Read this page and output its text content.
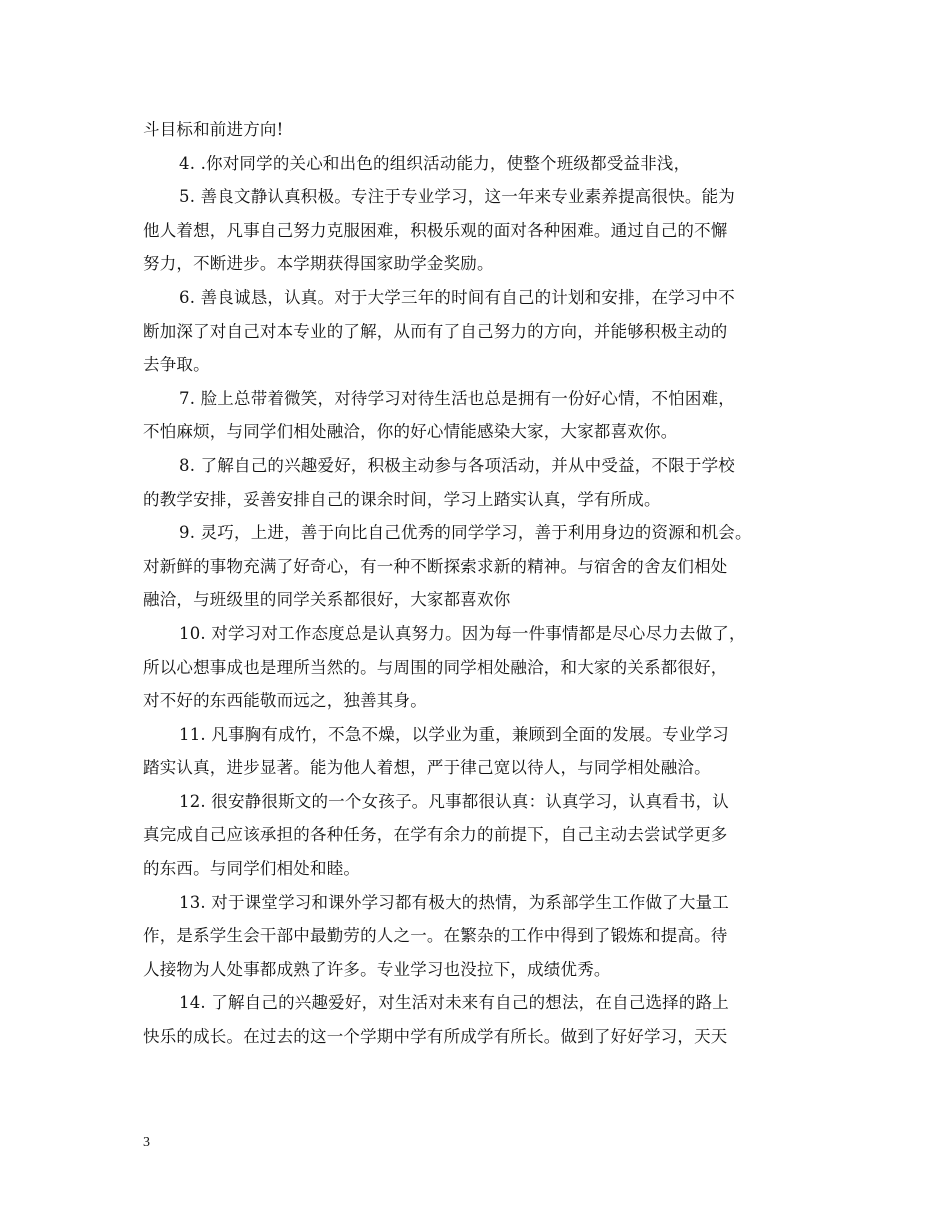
斗目标和前进方向!
4. .你对同学的关心和出色的组织活动能力，使整个班级都受益非浅，
5. 善良文静认真积极。专注于专业学习，这一年来专业素养提高很快。能为
他人着想，凡事自己努力克服困难，积极乐观的面对各种困难。通过自己的不懈
努力，不断进步。本学期获得国家助学金奖励。
6. 善良诚恳，认真。对于大学三年的时间有自己的计划和安排，在学习中不
断加深了对自己对本专业的了解，从而有了自己努力的方向，并能够积极主动的
去争取。
7. 脸上总带着微笑，对待学习对待生活也总是拥有一份好心情，不怕困难，
不怕麻烦，与同学们相处融洽，你的好心情能感染大家，大家都喜欢你。
8. 了解自己的兴趣爱好，积极主动参与各项活动，并从中受益，不限于学校
的教学安排，妥善安排自己的课余时间，学习上踏实认真，学有所成。
9. 灵巧，上进，善于向比自己优秀的同学学习，善于利用身边的资源和机会。
对新鲜的事物充满了好奇心，有一种不断探索求新的精神。与宿舍的舍友们相处
融洽，与班级里的同学关系都很好，大家都喜欢你
10. 对学习对工作态度总是认真努力。因为每一件事情都是尽心尽力去做了，
所以心想事成也是理所当然的。与周围的同学相处融洽，和大家的关系都很好，
对不好的东西能敬而远之，独善其身。
11. 凡事胸有成竹，不急不燥，以学业为重，兼顾到全面的发展。专业学习
踏实认真，进步显著。能为他人着想，严于律己宽以待人，与同学相处融洽。
12. 很安静很斯文的一个女孩子。凡事都很认真：认真学习，认真看书，认
真完成自己应该承担的各种任务，在学有余力的前提下，自己主动去尝试学更多
的东西。与同学们相处和睦。
13. 对于课堂学习和课外学习都有极大的热情，为系部学生工作做了大量工
作，是系学生会干部中最勤劳的人之一。在繁杂的工作中得到了锻炼和提高。待
人接物为人处事都成熟了许多。专业学习也没拉下，成绩优秀。
14. 了解自己的兴趣爱好，对生活对未来有自己的想法，在自己选择的路上
快乐的成长。在过去的这一个学期中学有所成学有所长。做到了好好学习，天天
3
